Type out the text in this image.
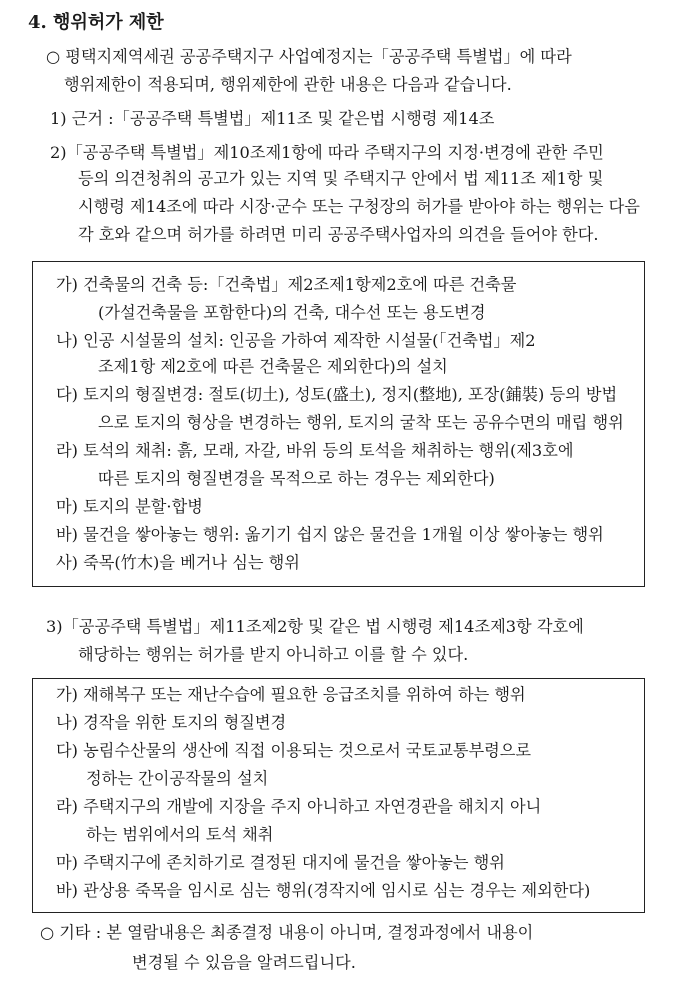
4. 행위허가 제한
○ 평택지제역세권 공공주택지구 사업예정지는「공공주택 특별법」에 따라
행위제한이 적용되며, 행위제한에 관한 내용은 다음과 같습니다.
1) 근거 :「공공주택 특별법」제11조 및 같은법 시행령 제14조
2)「공공주택 특별법」제10조제1항에 따라 주택지구의 지정·변경에 관한 주민
등의 의견청취의 공고가 있는 지역 및 주택지구 안에서 법 제11조 제1항 및
시행령 제14조에 따라 시장·군수 또는 구청장의 허가를 받아야 하는 행위는 다음
각 호와 같으며 허가를 하려면 미리 공공주택사업자의 의견을 들어야 한다.
가) 건축물의 건축 등:「건축법」제2조제1항제2호에 따른 건축물
(가설건축물을 포함한다)의 건축, 대수선 또는 용도변경
나) 인공 시설물의 설치: 인공을 가하여 제작한 시설물(「건축법」제2
조제1항 제2호에 따른 건축물은 제외한다)의 설치
다) 토지의 형질변경: 절토(切土), 성토(盛土), 정지(整地), 포장(鋪裝) 등의 방법
으로 토지의 형상을 변경하는 행위, 토지의 굴착 또는 공유수면의 매립 행위
라) 토석의 채취: 흙, 모래, 자갈, 바위 등의 토석을 채취하는 행위(제3호에
따른 토지의 형질변경을 목적으로 하는 경우는 제외한다)
마) 토지의 분할·합병
바) 물건을 쌓아놓는 행위: 옮기기 쉽지 않은 물건을 1개월 이상 쌓아놓는 행위
사) 죽목(竹木)을 베거나 심는 행위
3)「공공주택 특별법」제11조제2항 및 같은 법 시행령 제14조제3항 각호에
해당하는 행위는 허가를 받지 아니하고 이를 할 수 있다.
가) 재해복구 또는 재난수습에 필요한 응급조치를 위하여 하는 행위
나) 경작을 위한 토지의 형질변경
다) 농림수산물의 생산에 직접 이용되는 것으로서 국토교통부령으로
정하는 간이공작물의 설치
라) 주택지구의 개발에 지장을 주지 아니하고 자연경관을 해치지 아니
하는 범위에서의 토석 채취
마) 주택지구에 존치하기로 결정된 대지에 물건을 쌓아놓는 행위
바) 관상용 죽목을 임시로 심는 행위(경작지에 임시로 심는 경우는 제외한다)
○ 기타 : 본 열람내용은 최종결정 내용이 아니며, 결정과정에서 내용이
변경될 수 있음을 알려드립니다.
